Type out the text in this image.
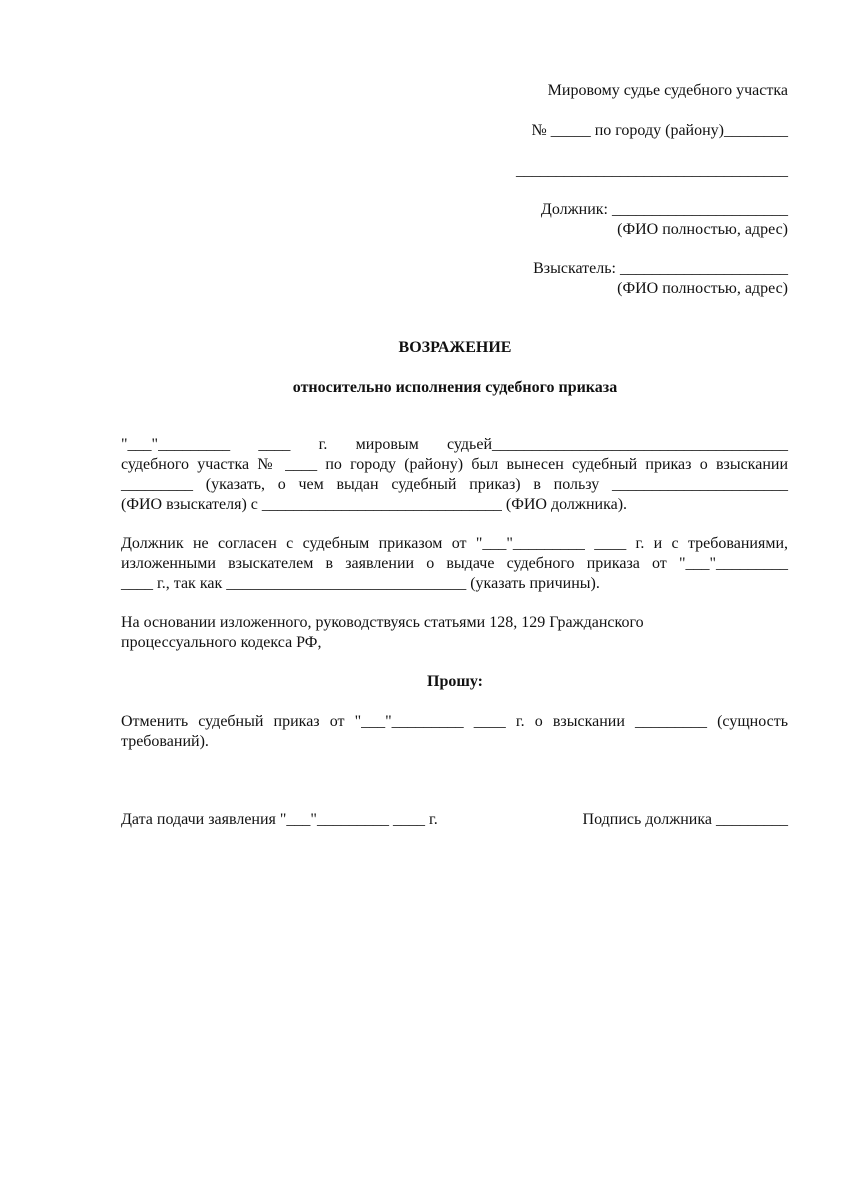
Мировому судье судебного участка
№ _____ по городу (району)________
__________________________________
Должник: ______________________
(ФИО полностью, адрес)
Взыскатель: _____________________
(ФИО полностью, адрес)
ВОЗРАЖЕНИЕ
относительно исполнения судебного приказа
"___"_________ ____ г. мировым судьей_____________________________________
судебного участка № ____ по городу (району) был вынесен судебный приказ о взыскании
_________ (указать, о чем выдан судебный приказ) в пользу ______________________
(ФИО взыскателя) с ______________________________ (ФИО должника).
Должник не согласен с судебным приказом от "___"_________ ____ г. и с требованиями,
изложенными взыскателем в заявлении о выдаче судебного приказа от "___"_________
____ г., так как ______________________________ (указать причины).
На основании изложенного, руководствуясь статьями 128, 129 Гражданского
процессуального кодекса РФ,
Прошу:
Отменить судебный приказ от "___"_________ ____ г. о взыскании _________ (сущность
требований).
Дата подачи заявления "___"_________ ____ г.	Подпись должника _________
